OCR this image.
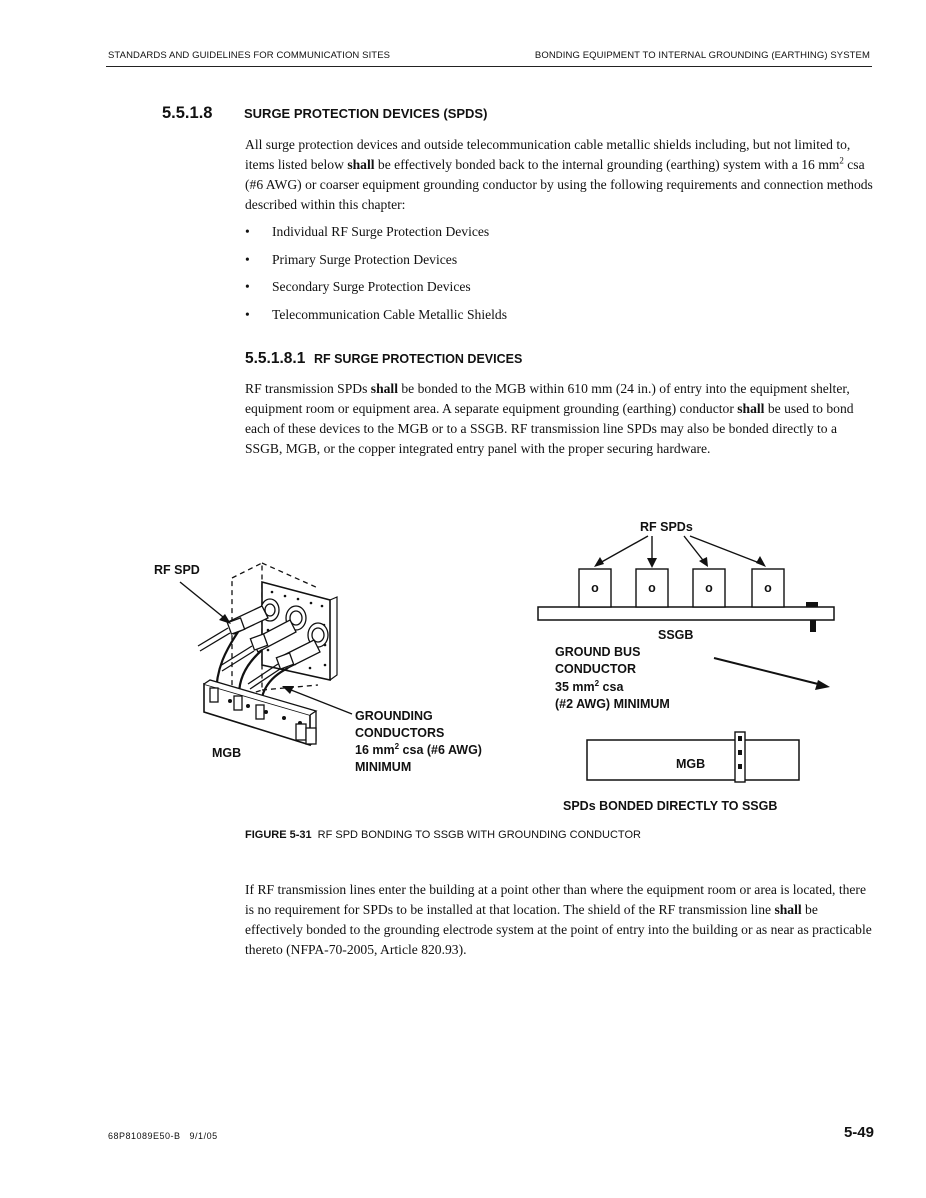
STANDARDS AND GUIDELINES FOR COMMUNICATION SITES	BONDING EQUIPMENT TO INTERNAL GROUNDING (EARTHING) SYSTEM
5.5.1.8 SURGE PROTECTION DEVICES (SPDS)
All surge protection devices and outside telecommunication cable metallic shields including, but not limited to, items listed below shall be effectively bonded back to the internal grounding (earthing) system with a 16 $mm^2$ csa (#6 AWG) or coarser equipment grounding conductor by using the following requirements and connection methods described within this chapter:
• Individual RF Surge Protection Devices
• Primary Surge Protection Devices
• Secondary Surge Protection Devices
• Telecommunication Cable Metallic Shields
5.5.1.8.1 RF SURGE PROTECTION DEVICES
RF transmission SPDs shall be bonded to the MGB within 610 mm (24 in.) of entry into the equipment shelter, equipment room or equipment area. A separate equipment grounding (earthing) conductor shall be used to bond each of these devices to the MGB or to a SSGB. RF transmission line SPDs may also be bonded directly to a SSGB, MGB, or the copper integrated entry panel with the proper securing hardware.
RF SPD
MGB
GROUNDING
CONDUCTORS
16 $mm^2$ csa (#6 AWG)
MINIMUM
RF SPDs
o	o	o	o
SSGB
GROUND BUS
CONDUCTOR
35 $mm^2$ csa
(#2 AWG) MINIMUM
MGB
SPDs BONDED DIRECTLY TO SSGB
FIGURE 5-31 RF SPD BONDING TO SSGB WITH GROUNDING CONDUCTOR
If RF transmission lines enter the building at a point other than where the equipment room or area is located, there is no requirement for SPDs to be installed at that location. The shield of the RF transmission line shall be effectively bonded to the grounding electrode system at the point of entry into the building or as near as practicable thereto (NFPA-70-2005, Article 820.93).
68P81089E50-B   9/1/05	5-49
